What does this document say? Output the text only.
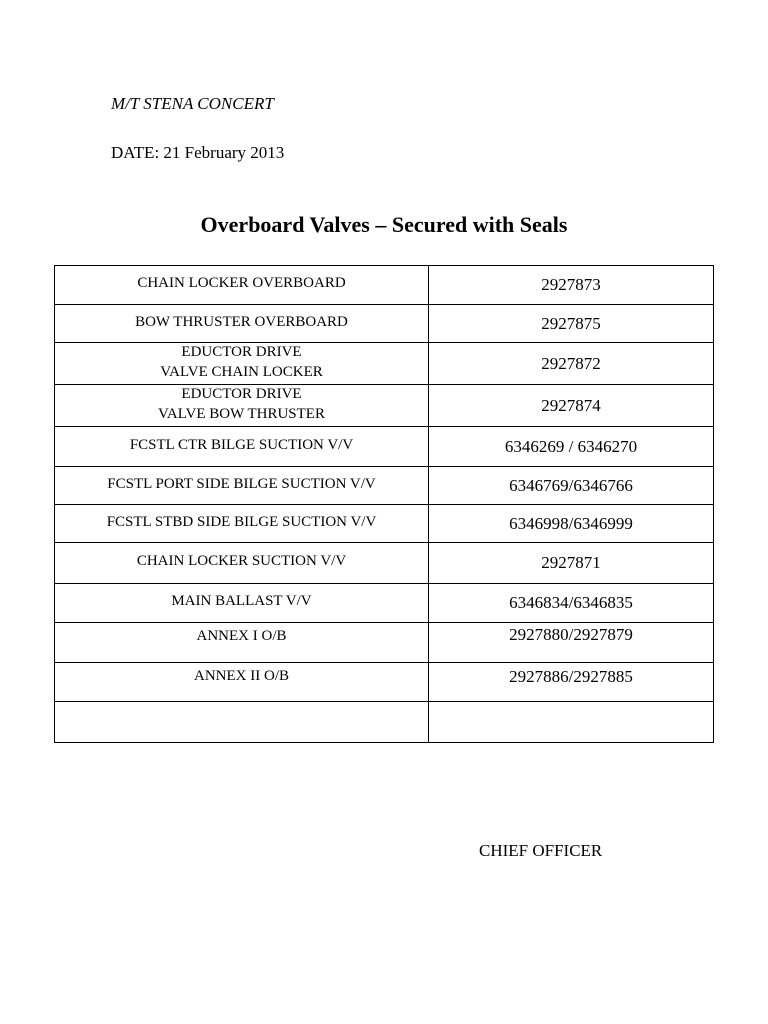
M/T STENA CONCERT
DATE: 21 February 2013
Overboard Valves – Secured with Seals
CHAIN LOCKER OVERBOARD	2927873

BOW THRUSTER OVERBOARD	2927875

EDUCTOR DRIVE
VALVE CHAIN LOCKER	2927872

EDUCTOR DRIVE
VALVE BOW THRUSTER	2927874

FCSTL CTR BILGE SUCTION V/V	6346269 / 6346270

FCSTL PORT SIDE BILGE SUCTION V/V	6346769/6346766

FCSTL STBD SIDE BILGE SUCTION V/V	6346998/6346999

CHAIN LOCKER SUCTION V/V	2927871

MAIN BALLAST V/V	6346834/6346835

ANNEX I O/B	2927880/2927879

ANNEX II O/B	2927886/2927885

CHIEF OFFICER
